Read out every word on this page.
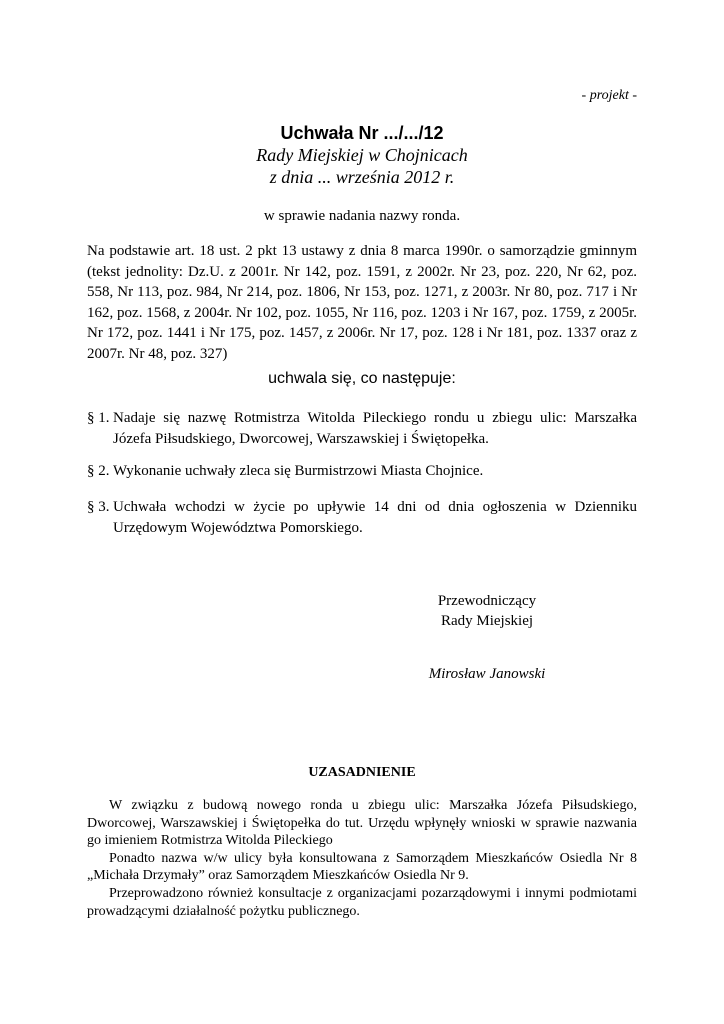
- projekt -
Uchwała Nr .../.../12
Rady Miejskiej w Chojnicach
z dnia ... września 2012 r.
w sprawie nadania nazwy ronda.
Na podstawie art. 18 ust. 2 pkt 13 ustawy z dnia 8 marca 1990r. o samorządzie gminnym (tekst jednolity: Dz.U. z 2001r. Nr 142, poz. 1591, z 2002r. Nr 23, poz. 220, Nr 62, poz. 558, Nr 113, poz. 984, Nr 214, poz. 1806, Nr 153, poz. 1271, z 2003r. Nr 80, poz. 717 i Nr 162, poz. 1568, z 2004r. Nr 102, poz. 1055, Nr 116, poz. 1203 i Nr 167, poz. 1759, z 2005r. Nr 172, poz. 1441 i Nr 175, poz. 1457, z 2006r. Nr 17, poz. 128 i Nr 181, poz. 1337 oraz z 2007r. Nr 48, poz. 327)
uchwala się, co następuje:
§ 1. Nadaje się nazwę Rotmistrza Witolda Pileckiego rondu u zbiegu ulic: Marszałka Józefa Piłsudskiego, Dworcowej, Warszawskiej i Świętopełka.
§ 2. Wykonanie uchwały zleca się Burmistrzowi Miasta Chojnice.
§ 3. Uchwała wchodzi w życie po upływie 14 dni od dnia ogłoszenia w Dzienniku Urzędowym Województwa Pomorskiego.
Przewodniczący
Rady Miejskiej
Mirosław Janowski
UZASADNIENIE

W związku z budową nowego ronda u zbiegu ulic: Marszałka Józefa Piłsudskiego, Dworcowej, Warszawskiej i Świętopełka do tut. Urzędu wpłynęły wnioski w sprawie nazwania go imieniem Rotmistrza Witolda Pileckiego

Ponadto nazwa w/w ulicy była konsultowana z Samorządem Mieszkańców Osiedla Nr 8 „Michała Drzymały” oraz Samorządem Mieszkańców Osiedla Nr 9.

Przeprowadzono również konsultacje z organizacjami pozarządowymi i innymi podmiotami prowadzącymi działalność pożytku publicznego.
